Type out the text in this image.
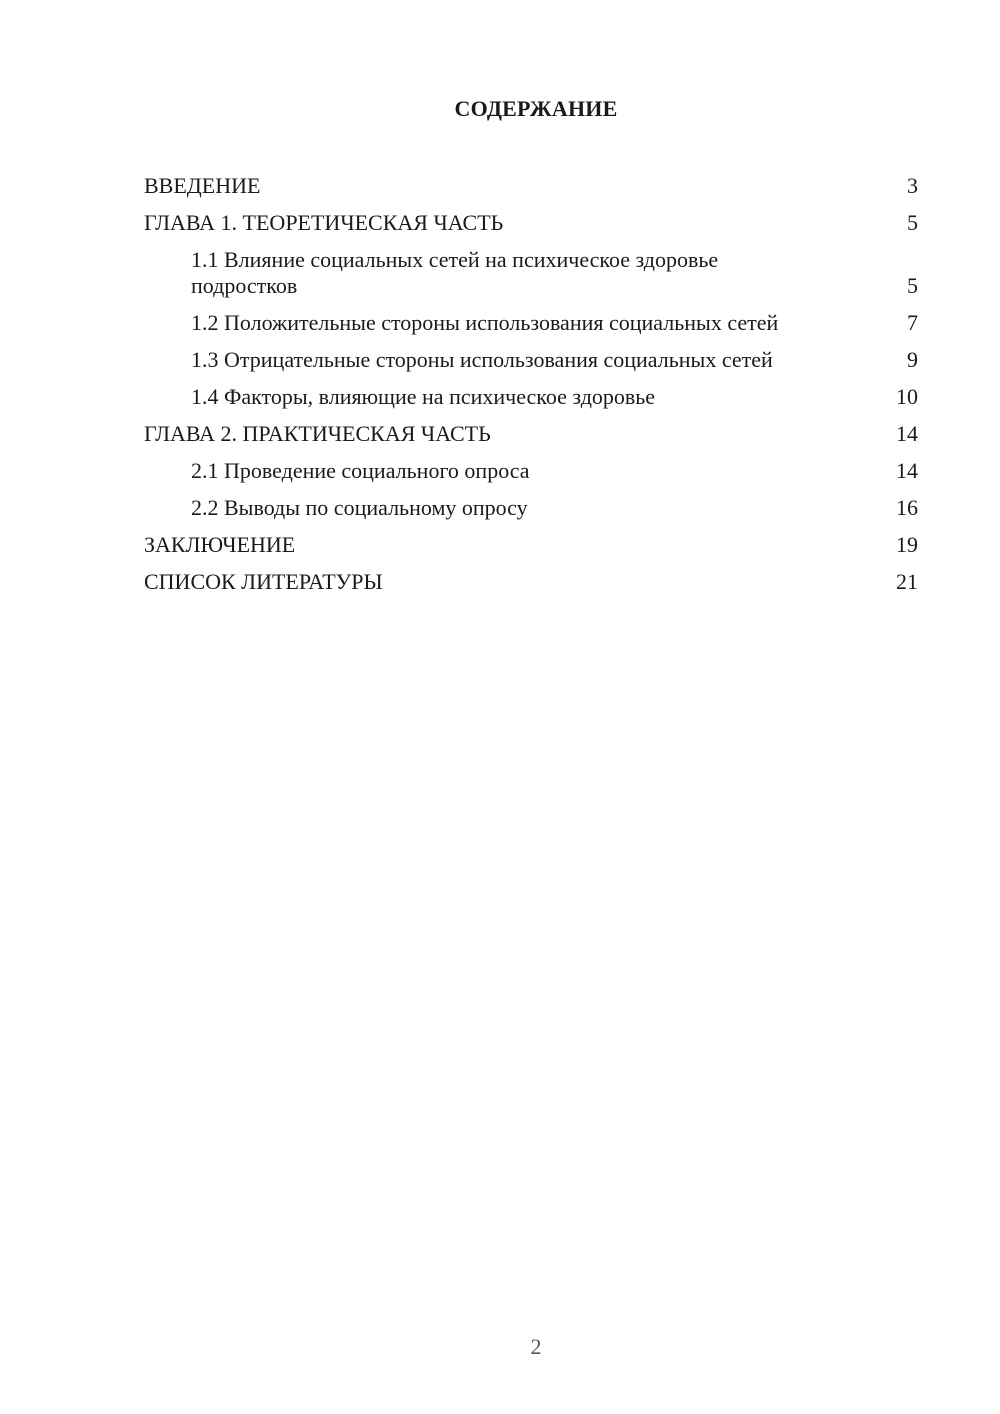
СОДЕРЖАНИЕ
ВВЕДЕНИЕ	3
ГЛАВА 1. ТЕОРЕТИЧЕСКАЯ ЧАСТЬ	5
1.1 Влияние социальных сетей на психическое здоровье подростков	5
1.2 Положительные стороны использования социальных сетей	7
1.3 Отрицательные стороны использования социальных сетей	9
1.4 Факторы, влияющие на психическое здоровье	10
ГЛАВА 2. ПРАКТИЧЕСКАЯ ЧАСТЬ	14
2.1 Проведение социального опроса	14
2.2 Выводы по социальному опросу	16
ЗАКЛЮЧЕНИЕ	19
СПИСОК ЛИТЕРАТУРЫ	21
2
